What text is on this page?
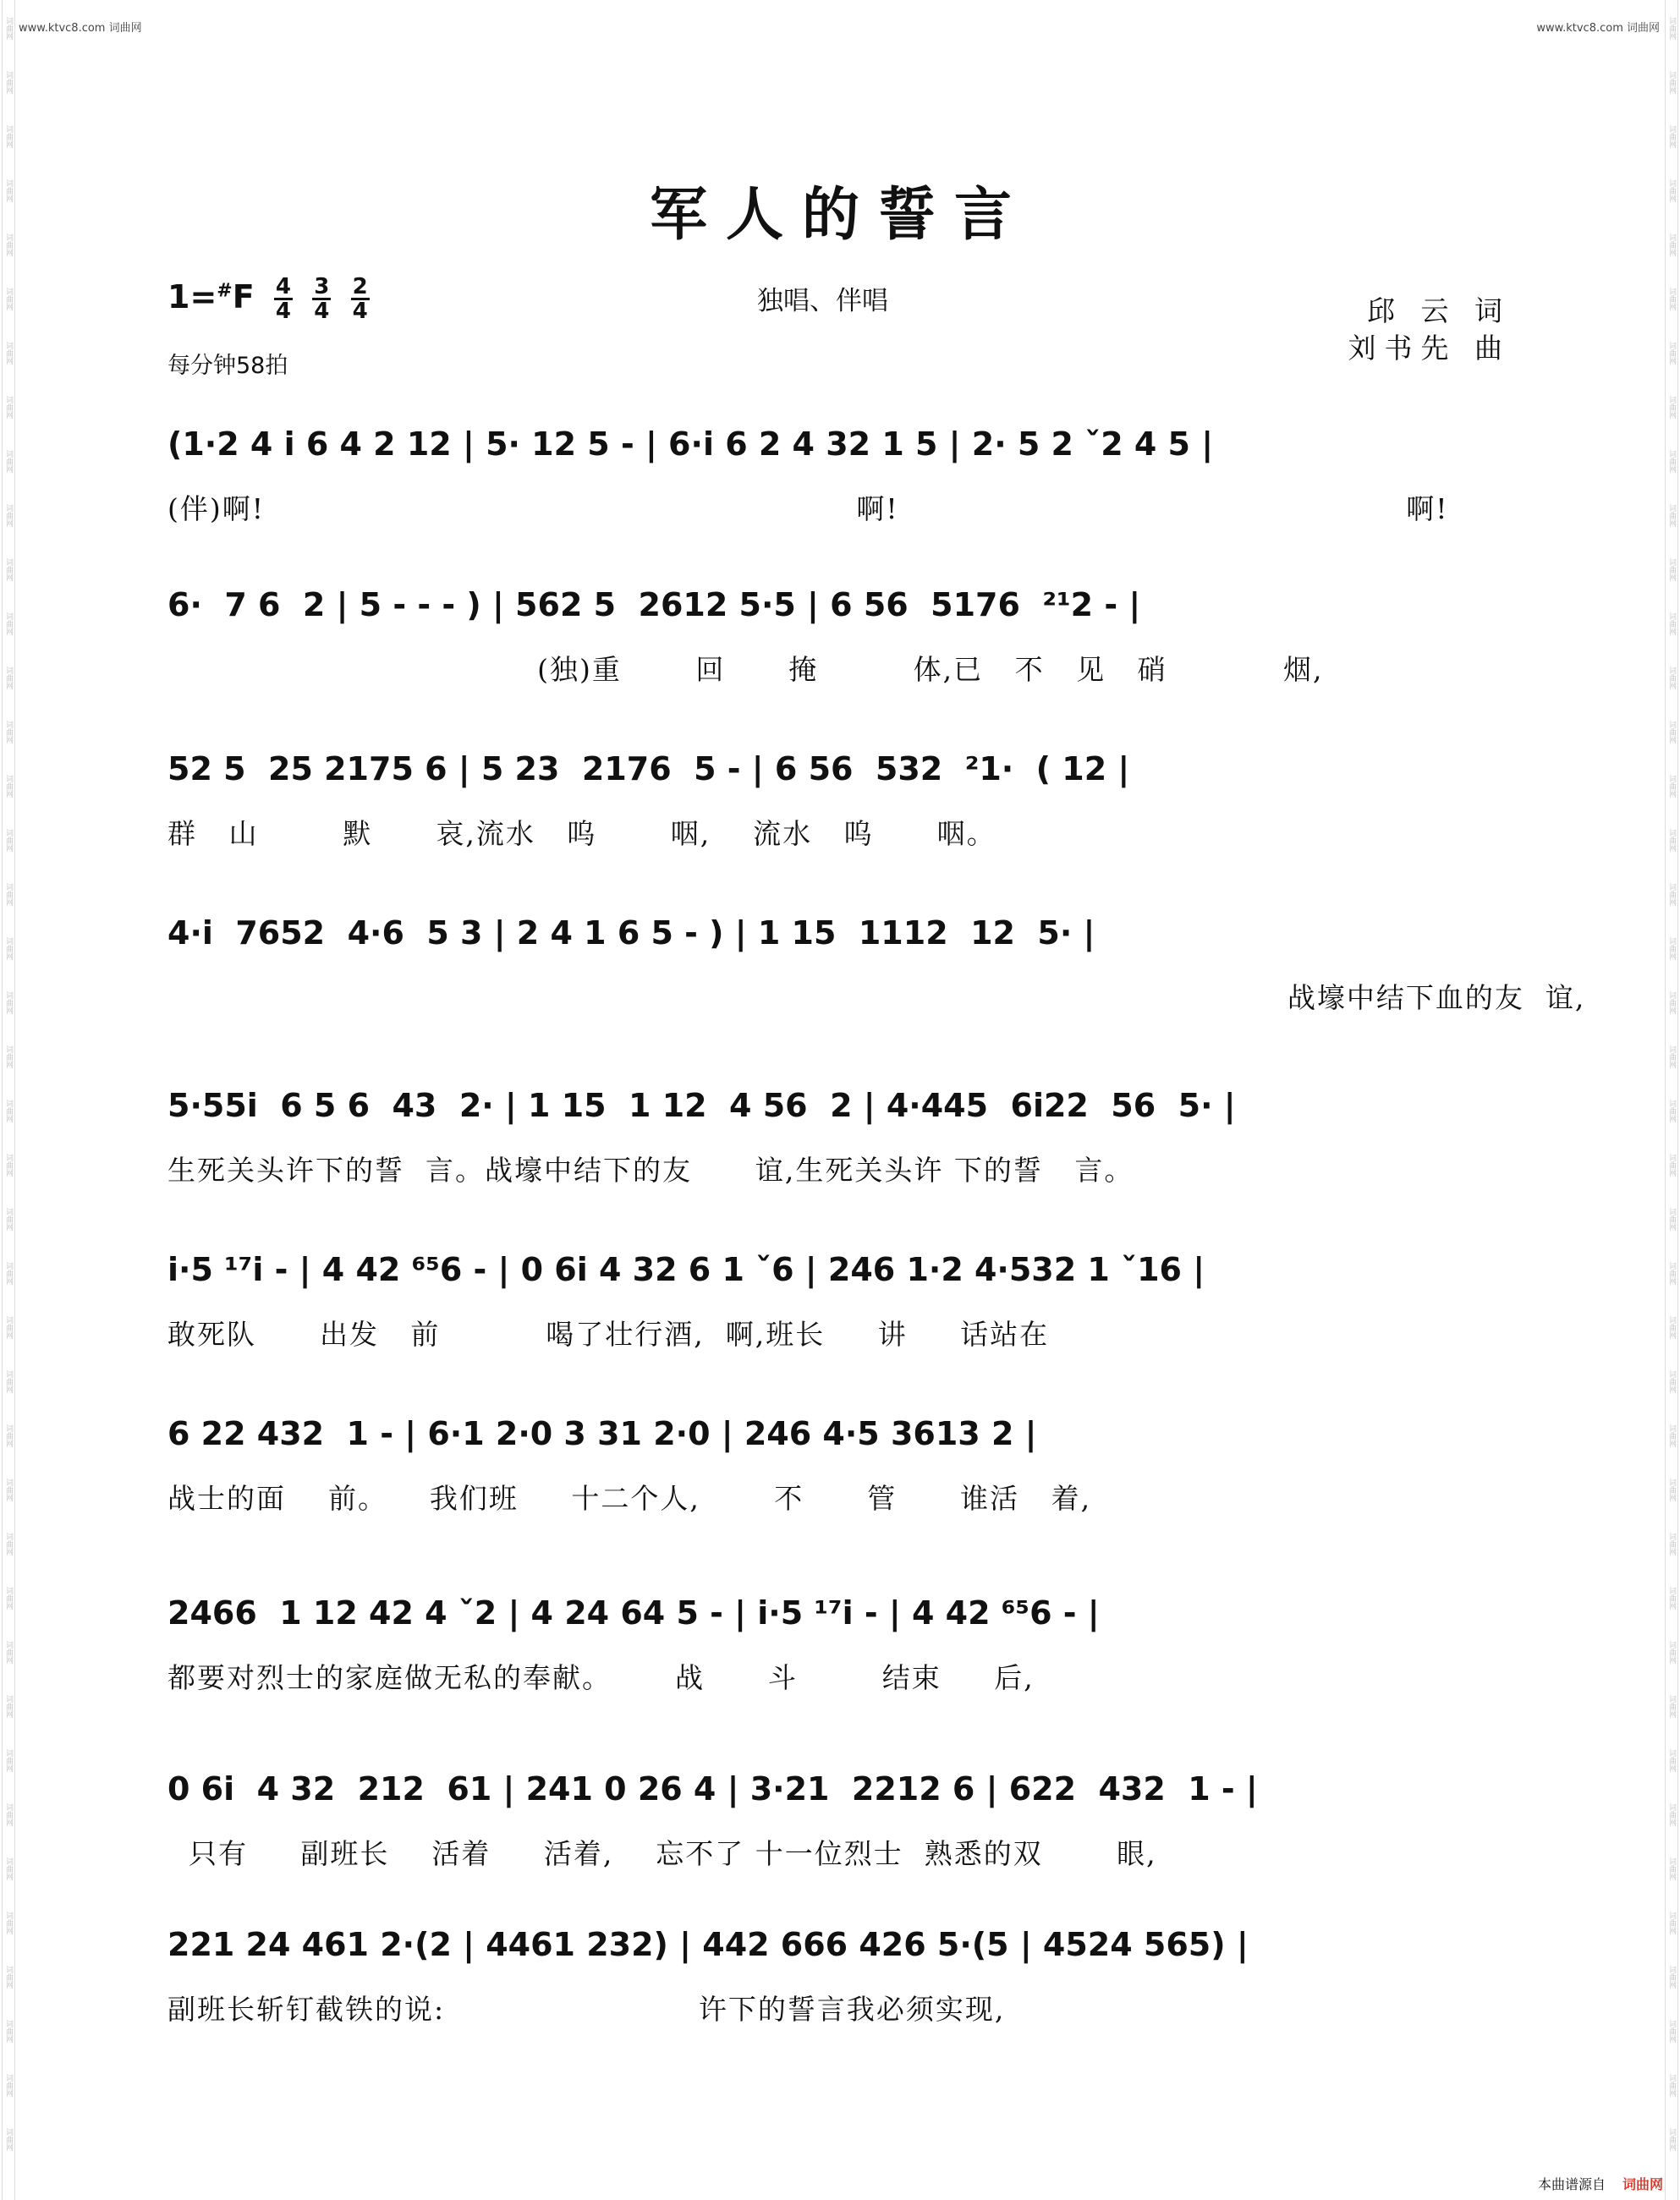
www.ktvc8.com 词曲网	www.ktvc8.com 词曲网
词曲网
词曲网
词曲网
词曲网
词曲网
词曲网
词曲网
词曲网
词曲网
词曲网
词曲网
词曲网
词曲网
词曲网
词曲网
词曲网
词曲网
词曲网
词曲网
词曲网
词曲网
词曲网
词曲网
词曲网
词曲网
词曲网
词曲网
词曲网
词曲网
词曲网
词曲网
词曲网
词曲网
词曲网
词曲网
词曲网
词曲网
词曲网
词曲网
词曲网
词曲网
词曲网
词曲网
词曲网
词曲网
词曲网
词曲网
词曲网
词曲网
词曲网
词曲网
词曲网
词曲网
词曲网
词曲网
词曲网
词曲网
词曲网
词曲网
词曲网
词曲网
词曲网
词曲网
词曲网
词曲网
词曲网
词曲网
词曲网
词曲网
词曲网
词曲网
词曲网
词曲网
词曲网
词曲网
词曲网
词曲网
词曲网
词曲网
词曲网
军人的誓言
$1=^{\#}F \frac{4}{4}$
$\frac{3}{4}$
$\frac{2}{4}$
每分钟58拍
独唱、伴唱	邱 云 词
刘书先 曲
(1·2 4 i 6 4 2 12 | 5· 12 5 - | 6·i 6 2 4 32 1 5 | 2· 5 2 ˇ2 4 5 |
(伴)啊!                                                        啊!                                                啊!
6·  7 6  2 | 5 - - - ) | 562 5  2612 5·5 | 6 56  5176  ²¹2 - |
(独)重       回      掩         体,已   不   见   硝           烟,
52 5  25 2175 6 | 5 23  2176  5 - | 6 56  532  ²1·  ( 12 |
群   山        默      哀,流水   呜       咽,    流水   呜      咽。
4·i  7652  4·6  5 3 | 2 4 1 6 5 - ) | 1 15  1112  12  5· |
战壕中结下血的友  谊,
5·55i  6 5 6  43  2· | 1 15  1 12  4 56  2 | 4·445  6i22  56  5· |
生死关头许下的誓  言。战壕中结下的友      谊,生死关头许 下的誓   言。
i·5 ¹⁷i - | 4 42 ⁶⁵6 - | 0 6i 4 32 6 1 ˇ6 | 246 1·2 4·532 1 ˇ16 |
敢死队      出发   前          喝了壮行酒,  啊,班长     讲     话站在
6 22 432  1 - | 6·1 2·0 3 31 2·0 | 246 4·5 3613 2 |
战士的面    前。    我们班     十二个人,       不      管      谁活   着,
2466  1 12 42 4 ˇ2 | 4 24 64 5 - | i·5 ¹⁷i - | 4 42 ⁶⁵6 - |
都要对烈士的家庭做无私的奉献。      战      斗        结束     后,
0 6i  4 32  212  61 | 241 0 26 4 | 3·21  2212 6 | 622  432  1 - |
只有     副班长    活着     活着,    忘不了 十一位烈士  熟悉的双       眼,
221 24 461 2·(2 | 4461 232) | 442 666 426 5·(5 | 4524 565) |
副班长斩钉截铁的说:                        许下的誓言我必须实现,
本曲谱源自 词曲网
